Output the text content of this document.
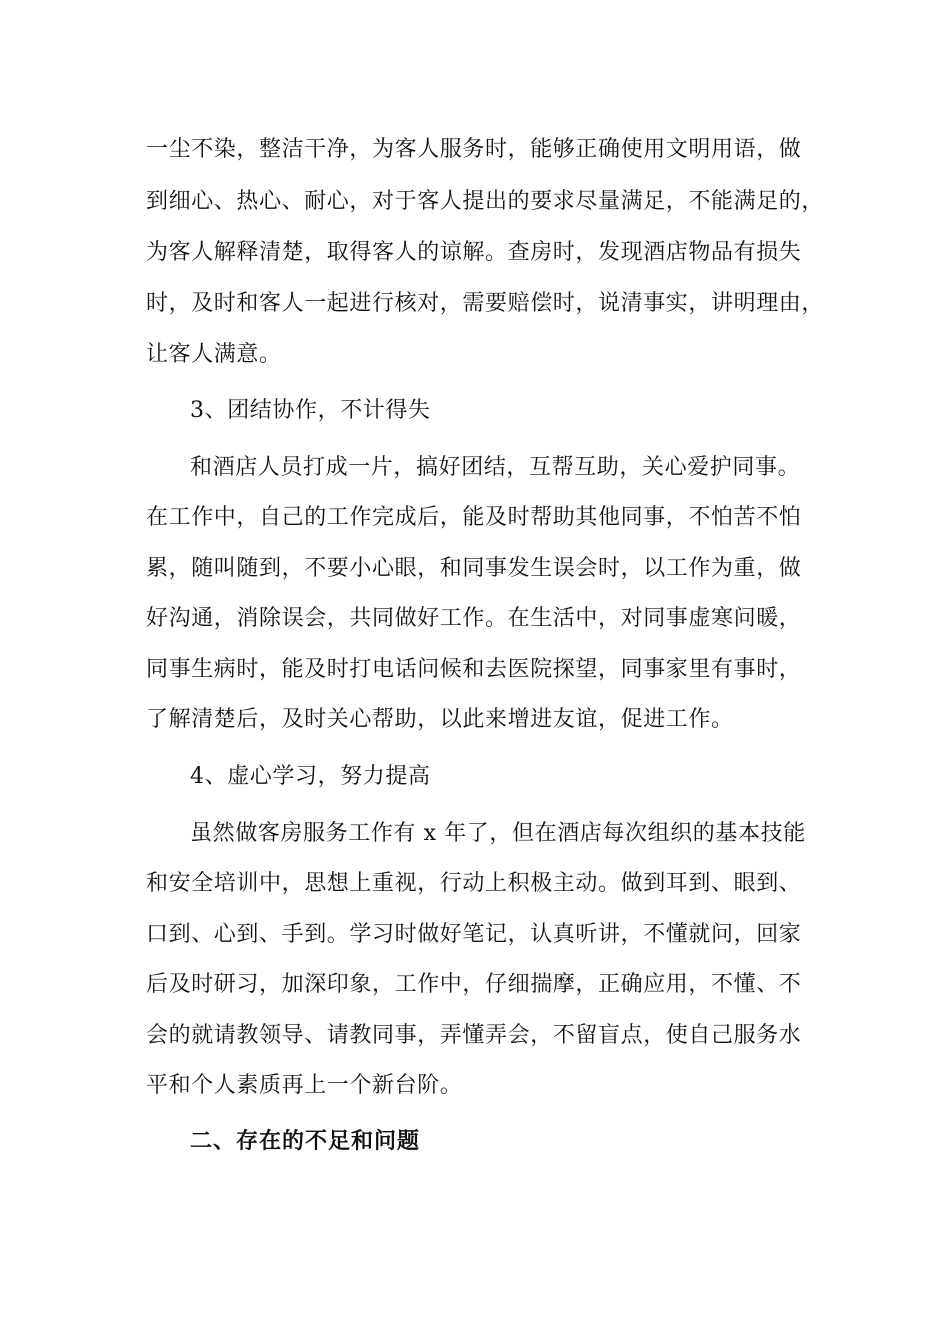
一尘不染，整洁干净，为客人服务时，能够正确使用文明用语，做
到细心、热心、耐心，对于客人提出的要求尽量满足，不能满足的，
为客人解释清楚，取得客人的谅解。查房时，发现酒店物品有损失
时，及时和客人一起进行核对，需要赔偿时，说清事实，讲明理由，
让客人满意。
3、团结协作，不计得失
和酒店人员打成一片，搞好团结，互帮互助，关心爱护同事。
在工作中，自己的工作完成后，能及时帮助其他同事，不怕苦不怕
累，随叫随到，不要小心眼，和同事发生误会时，以工作为重，做
好沟通，消除误会，共同做好工作。在生活中，对同事虚寒问暖，
同事生病时，能及时打电话问候和去医院探望，同事家里有事时，
了解清楚后，及时关心帮助，以此来增进友谊，促进工作。
4、虚心学习，努力提高
虽然做客房服务工作有 x 年了，但在酒店每次组织的基本技能
和安全培训中，思想上重视，行动上积极主动。做到耳到、眼到、
口到、心到、手到。学习时做好笔记，认真听讲，不懂就问，回家
后及时研习，加深印象，工作中，仔细揣摩，正确应用，不懂、不
会的就请教领导、请教同事，弄懂弄会，不留盲点，使自己服务水
平和个人素质再上一个新台阶。
二、存在的不足和问题
